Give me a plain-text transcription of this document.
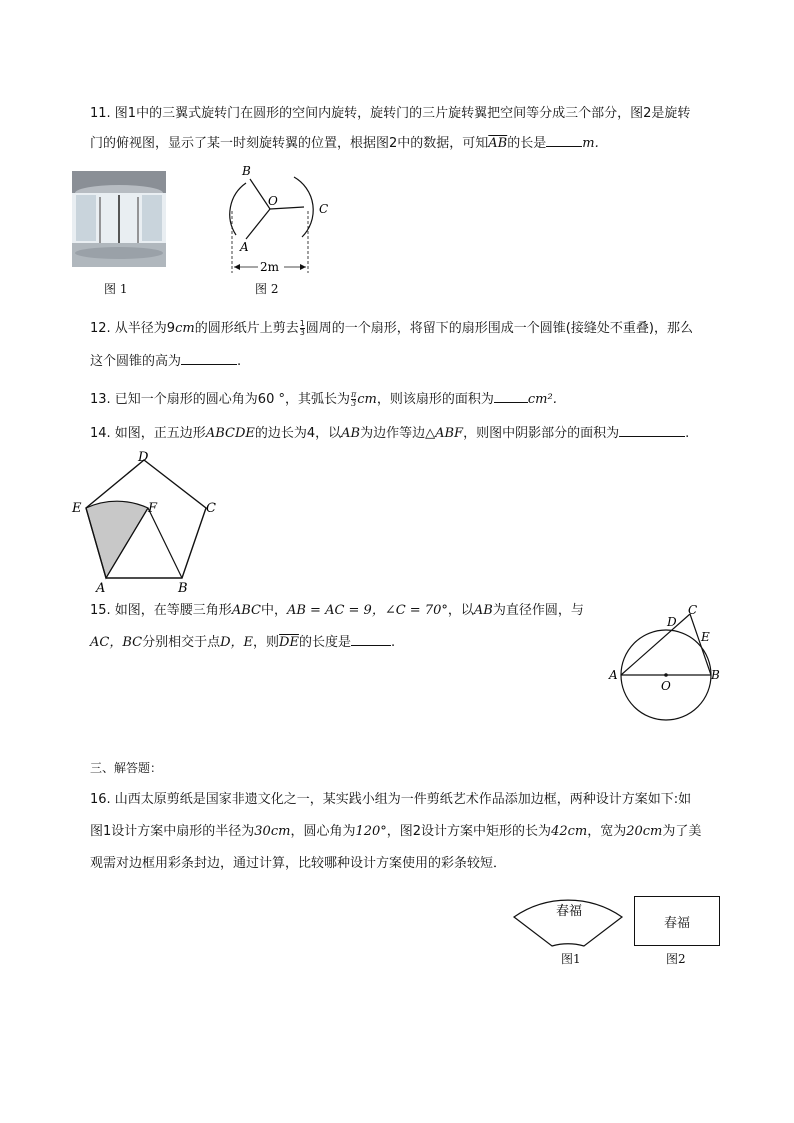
11. 图1中的三翼式旋转门在圆形的空间内旋转，旋转门的三片旋转翼把空间等分成三个部分，图2是旋转
门的俯视图，显示了某一时刻旋转翼的位置，根据图2中的数据，可知$\overline{AB}$的长是	m.
图 1
B
O
C
A
2m
图 2
12. 从半径为9cm的圆形纸片上剪去 $\frac{1}{3}$ 圆周的一个扇形，将留下的扇形围成一个圆锥(接缝处不重叠)，那么
这个圆锥的高为	.
13. 已知一个扇形的圆心角为60 °，其弧长为 $\frac{\pi}{3}$ cm，则该扇形的面积为	cm².
14. 如图，正五边形ABCDE的边长为4，以AB为边作等边△ABF，则图中阴影部分的面积为	.
D
E	F	C
A	B
15. 如图，在等腰三角形ABC中，AB = AC = 9，∠C = 70°，以AB为直径作圆，与
AC，BC分别相交于点D，E，则$\overline{DE}$的长度是	.
C
D
E
A	B
O
三、解答题：
16. 山西太原剪纸是国家非遗文化之一，某实践小组为一件剪纸艺术作品添加边框，两种设计方案如下:如
图1设计方案中扇形的半径为30cm，圆心角为120°，图2设计方案中矩形的长为42cm，宽为20cm为了美
观需对边框用彩条封边，通过计算，比较哪种设计方案使用的彩条较短．
春福
图1
春福
图2
